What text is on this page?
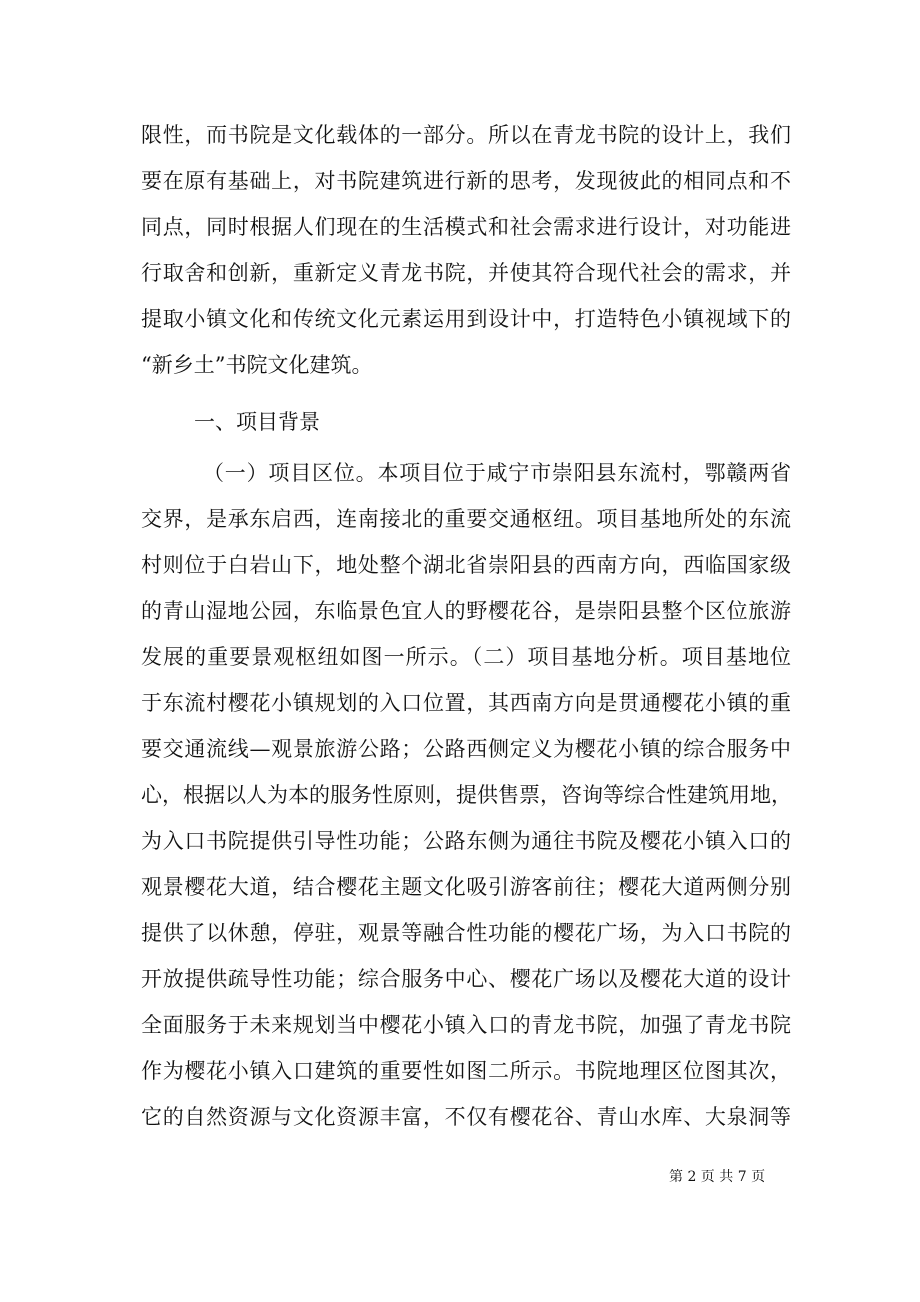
限性，而书院是文化载体的一部分。所以在青龙书院的设计上，我们
要在原有基础上，对书院建筑进行新的思考，发现彼此的相同点和不
同点，同时根据人们现在的生活模式和社会需求进行设计，对功能进
行取舍和创新，重新定义青龙书院，并使其符合现代社会的需求，并
提取小镇文化和传统文化元素运用到设计中，打造特色小镇视域下的
“新乡土”书院文化建筑。
一、项目背景
（一）项目区位。本项目位于咸宁市崇阳县东流村，鄂赣两省
交界，是承东启西，连南接北的重要交通枢纽。项目基地所处的东流
村则位于白岩山下，地处整个湖北省崇阳县的西南方向，西临国家级
的青山湿地公园，东临景色宜人的野樱花谷，是崇阳县整个区位旅游
发展的重要景观枢纽如图一所示。（二）项目基地分析。项目基地位
于东流村樱花小镇规划的入口位置，其西南方向是贯通樱花小镇的重
要交通流线—观景旅游公路；公路西侧定义为樱花小镇的综合服务中
心，根据以人为本的服务性原则，提供售票，咨询等综合性建筑用地，
为入口书院提供引导性功能；公路东侧为通往书院及樱花小镇入口的
观景樱花大道，结合樱花主题文化吸引游客前往；樱花大道两侧分别
提供了以休憩，停驻，观景等融合性功能的樱花广场，为入口书院的
开放提供疏导性功能；综合服务中心、樱花广场以及樱花大道的设计
全面服务于未来规划当中樱花小镇入口的青龙书院，加强了青龙书院
作为樱花小镇入口建筑的重要性如图二所示。书院地理区位图其次，
它的自然资源与文化资源丰富，不仅有樱花谷、青山水库、大泉洞等
第 2 页 共 7 页
